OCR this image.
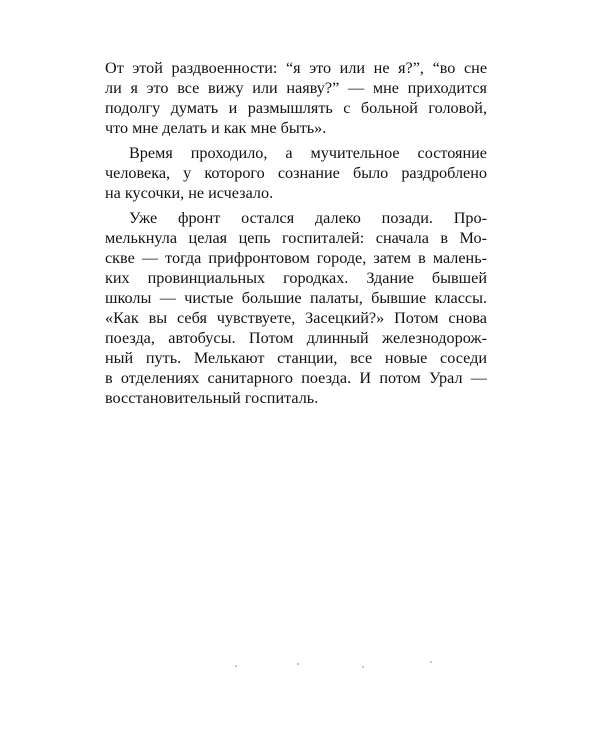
От этой раздвоенности: “я это или не я?”, “во сне
ли я это все вижу или наяву?” — мне приходится
подолгу думать и размышлять с больной головой,
что мне делать и как мне быть».
Время проходило, а мучительное состояние
человека, у которого сознание было раздроблено
на кусочки, не исчезало.
Уже фронт остался далеко позади. Про-
мелькнула целая цепь госпиталей: сначала в Мо-
скве — тогда прифронтовом городе, затем в малень-
ких провинциальных городках. Здание бывшей
школы — чистые большие палаты, бывшие классы.
«Как вы себя чувствуете, Засецкий?» Потом снова
поезда, автобусы. Потом длинный железнодорож-
ный путь. Мелькают станции, все новые соседи
в отделениях санитарного поезда. И потом Урал —
восстановительный госпиталь.
